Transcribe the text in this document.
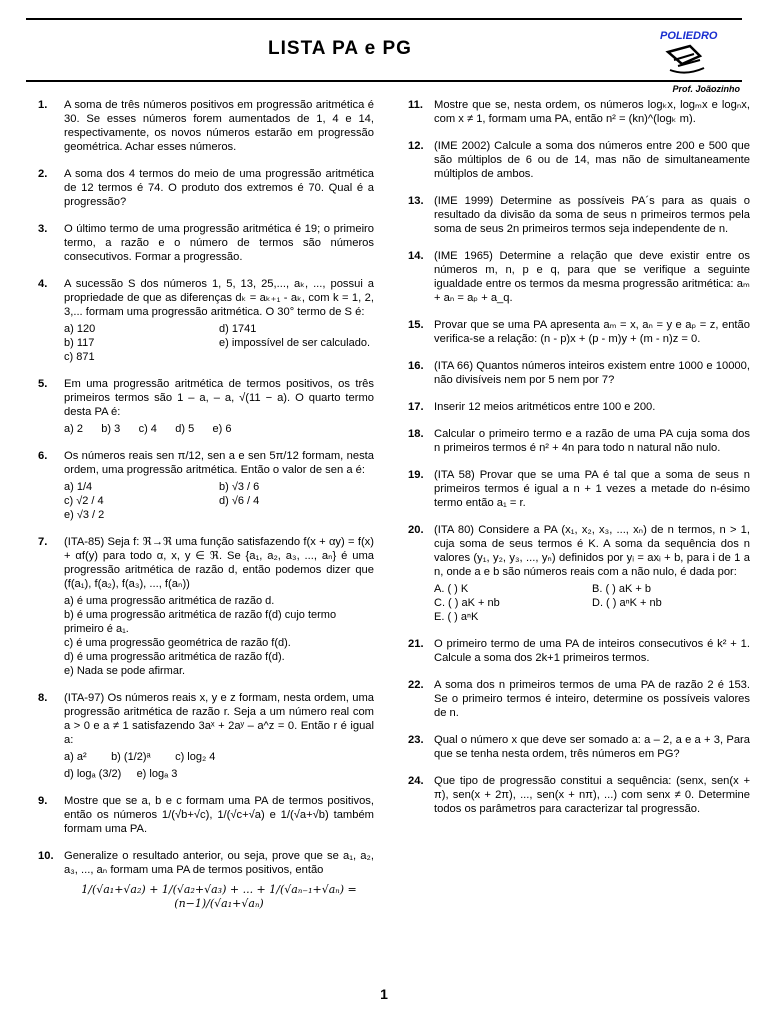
LISTA PA e PG
POLIEDRO
Prof. Joãozinho
1. A soma de três números positivos em progressão aritmética é 30. Se esses números forem aumentados de 1, 4 e 14, respectivamente, os novos números estarão em progressão geométrica. Achar esses números.
2. A soma dos 4 termos do meio de uma progressão aritmética de 12 termos é 74. O produto dos extremos é 70. Qual é a progressão?
3. O último termo de uma progressão aritmética é 19; o primeiro termo, a razão e o número de termos são números consecutivos. Formar a progressão.
4. A sucessão S dos números 1, 5, 13, 25,..., aₖ, ..., possui a propriedade de que as diferenças dₖ = aₖ₊₁ - aₖ, com k = 1, 2, 3,... formam uma progressão aritmética. O 30° termo de S é:
a) 120	d) 1741
b) 117	e) impossível de ser calculado.
c) 871
5. Em uma progressão aritmética de termos positivos, os três primeiros termos são 1 – a, – a, √(11 − a). O quarto termo desta PA é:
a) 2      b) 3      c) 4      d) 5      e) 6
6. Os números reais sen π/12, sen a e sen 5π/12 formam, nesta ordem, uma progressão aritmética. Então o valor de sen a é:
a) 1/4	b) √3 / 6
c) √2 / 4	d) √6 / 4
e) √3 / 2
7. (ITA-85) Seja f: ℜ→ℜ uma função satisfazendo f(x + αy) = f(x) + αf(y) para todo α, x, y ∈ ℜ. Se {a₁, a₂, a₃, ..., aₙ} é uma progressão aritmética de razão d, então podemos dizer que (f(a₁), f(a₂), f(a₃), ..., f(aₙ))
a) é uma progressão aritmética de razão d.
b) é uma progressão aritmética de razão f(d) cujo termo primeiro é a₁.
c) é uma progressão geométrica de razão f(d).
d) é uma progressão aritmética de razão f(d).
e) Nada se pode afirmar.
8. (ITA-97) Os números reais x, y e z formam, nesta ordem, uma progressão aritmética de razão r. Seja a um número real com a > 0 e a ≠ 1 satisfazendo 3aˣ + 2aʸ – a^z = 0. Então r é igual a:
a) a²        b) (1/2)ᵃ        c) log₂ 4
d) logₐ (3/2)     e) logₐ 3
9. Mostre que se a, b e c formam uma PA de termos positivos, então os números 1/(√b+√c), 1/(√c+√a) e 1/(√a+√b) também formam uma PA.
10. Generalize o resultado anterior, ou seja, prove que se a₁, a₂, a₃, ..., aₙ formam uma PA de termos positivos, então
1/(√a₁+√a₂) + 1/(√a₂+√a₃) + ... + 1/(√aₙ₋₁+√aₙ) = (n−1)/(√a₁+√aₙ)
11. Mostre que se, nesta ordem, os números logₖx, logₘx e logₙx, com x ≠ 1, formam uma PA, então n² = (kn)^(logₖ m).
12. (IME 2002) Calcule a soma dos números entre 200 e 500 que são múltiplos de 6 ou de 14, mas não de simultaneamente múltiplos de ambos.
13. (IME 1999) Determine as possíveis PA´s para as quais o resultado da divisão da soma de seus n primeiros termos pela soma de seus 2n primeiros termos seja independente de n.
14. (IME 1965) Determine a relação que deve existir entre os números m, n, p e q, para que se verifique a seguinte igualdade entre os termos da mesma progressão aritmética: aₘ + aₙ = aₚ + a_q.
15. Provar que se uma PA apresenta aₘ = x, aₙ = y e aₚ = z, então verifica-se a relação: (n - p)x + (p - m)y + (m - n)z = 0.
16. (ITA 66) Quantos números inteiros existem entre 1000 e 10000, não divisíveis nem por 5 nem por 7?
17. Inserir 12 meios aritméticos entre 100 e 200.
18. Calcular o primeiro termo e a razão de uma PA cuja soma dos n primeiros termos é n² + 4n para todo n natural não nulo.
19. (ITA 58) Provar que se uma PA é tal que a soma de seus n primeiros termos é igual a n + 1 vezes a metade do n-ésimo termo então a₁ = r.
20. (ITA 80) Considere a PA (x₁, x₂, x₃, ..., xₙ) de n termos, n > 1, cuja soma de seus termos é K. A soma da sequência dos n valores (y₁, y₂, y₃, ..., yₙ) definidos por yᵢ = axᵢ + b, para i de 1 a n, onde a e b são números reais com a não nulo, é dada por:
A. ( ) K	B. ( ) aK + b
C. ( ) aK + nb	D. ( ) aⁿK + nb
E. ( ) aⁿK
21. O primeiro termo de uma PA de inteiros consecutivos é k² + 1. Calcule a soma dos 2k+1 primeiros termos.
22. A soma dos n primeiros termos de uma PA de razão 2 é 153. Se o primeiro termos é inteiro, determine os possíveis valores de n.
23. Qual o número x que deve ser somado a: a – 2, a e a + 3, Para que se tenha nesta ordem, três números em PG?
24. Que tipo de progressão constitui a sequência: (senx, sen(x + π), sen(x + 2π), ..., sen(x + nπ), ...) com senx ≠ 0. Determine todos os parâmetros para caracterizar tal progressão.
1
